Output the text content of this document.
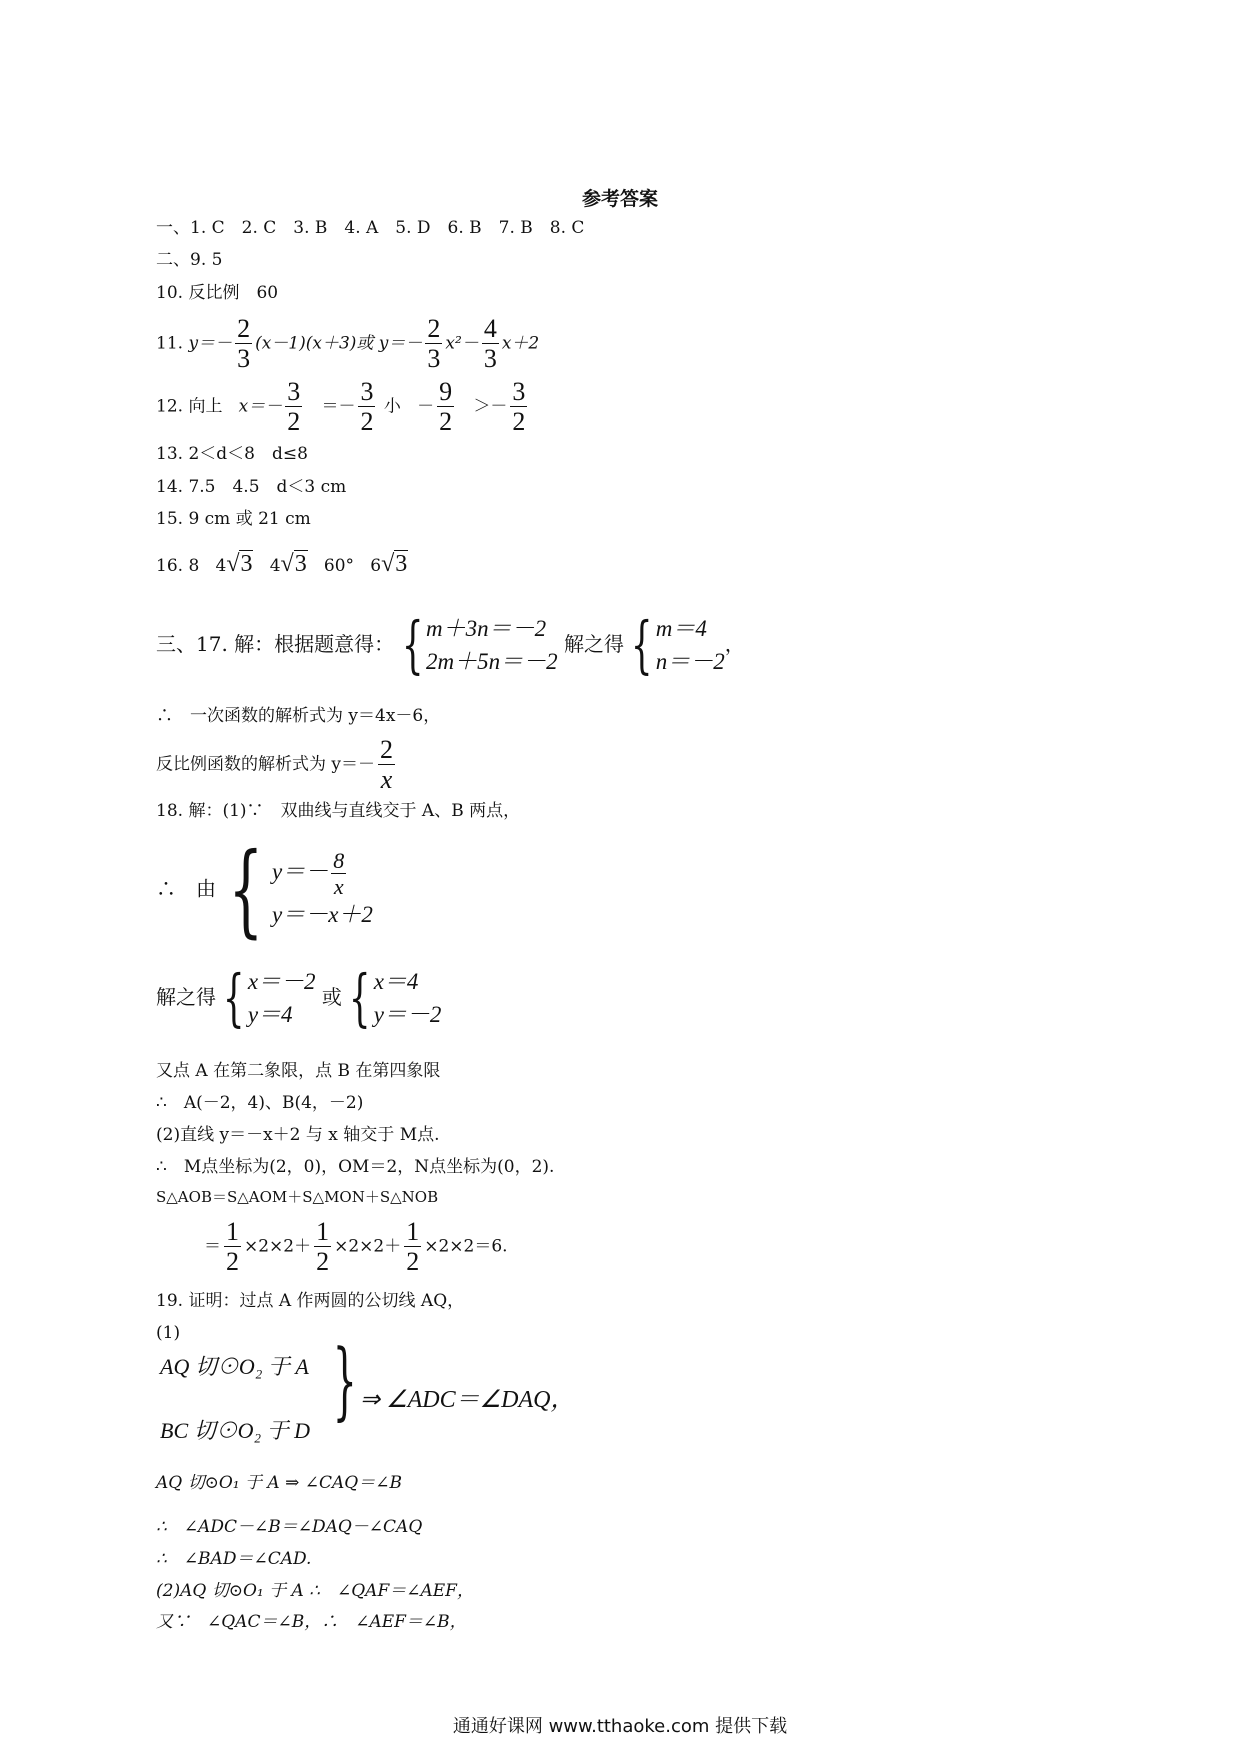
参考答案
一、1. C　2. C　3. B　4. A　5. D　6. B　7. B　8. C
二、9. 5
10. 反比例　60
11. $y=- \frac{2}{3} (x-1)(x+3)$或 $y=- \frac{2}{3} x^2- \frac{4}{3} x+2$
12. 向上 $x=- \frac{3}{2} =- \frac{3}{2}$ 小 － $\frac{9}{2} >- \frac{3}{2}$
13. 2＜d＜8　d≤8
14. 7.5　4.5　d＜3 cm
15. 9 cm 或 21 cm
16. 8 4√3 4√3 60° 6√3
三、17. 解：根据题意得： { m＋3n＝－2
2m＋5n＝－2
解之得 { m＝4
n＝－2
，
∴　一次函数的解析式为 y＝4x－6，
反比例函数的解析式为 $y=- \frac{2}{x}$
18. 解：(1)∵　双曲线与直线交于 A、B 两点，
∴　由 { $y=- \frac{8}{x}$
y＝－x＋2
解之得 { x＝－2
y＝4
或 { x＝4
y＝－2
又点 A 在第二象限，点 B 在第四象限
∴　A(－2，4)、B(4，－2)
(2)直线 y＝－x＋2 与 x 轴交于 M点.
∴　M点坐标为(2，0)，OM＝2，N点坐标为(0，2).
S△AOB＝S△AOM＋S△MON＋S△NOB
＝ $\frac{1}{2} \times 2\times 2+ \frac{1}{2} \times 2\times 2+ \frac{1}{2} \times 2\times 2=6$.
19. 证明：过点 A 作两圆的公切线 AQ，
(1)
AQ 切⊙O₂ 于 A
BC 切⊙O₂ 于 D
} ⇒ ∠ADC＝∠DAQ，
AQ 切⊙O₁ 于 A ⇒ ∠CAQ＝∠B
∴　∠ADC－∠B＝∠DAQ－∠CAQ
∴　∠BAD＝∠CAD.
(2)AQ 切⊙O₁ 于 A ∴　∠QAF＝∠AEF，
又∵　∠QAC＝∠B，∴　∠AEF＝∠B，
通通好课网 www.tthaoke.com 提供下载
